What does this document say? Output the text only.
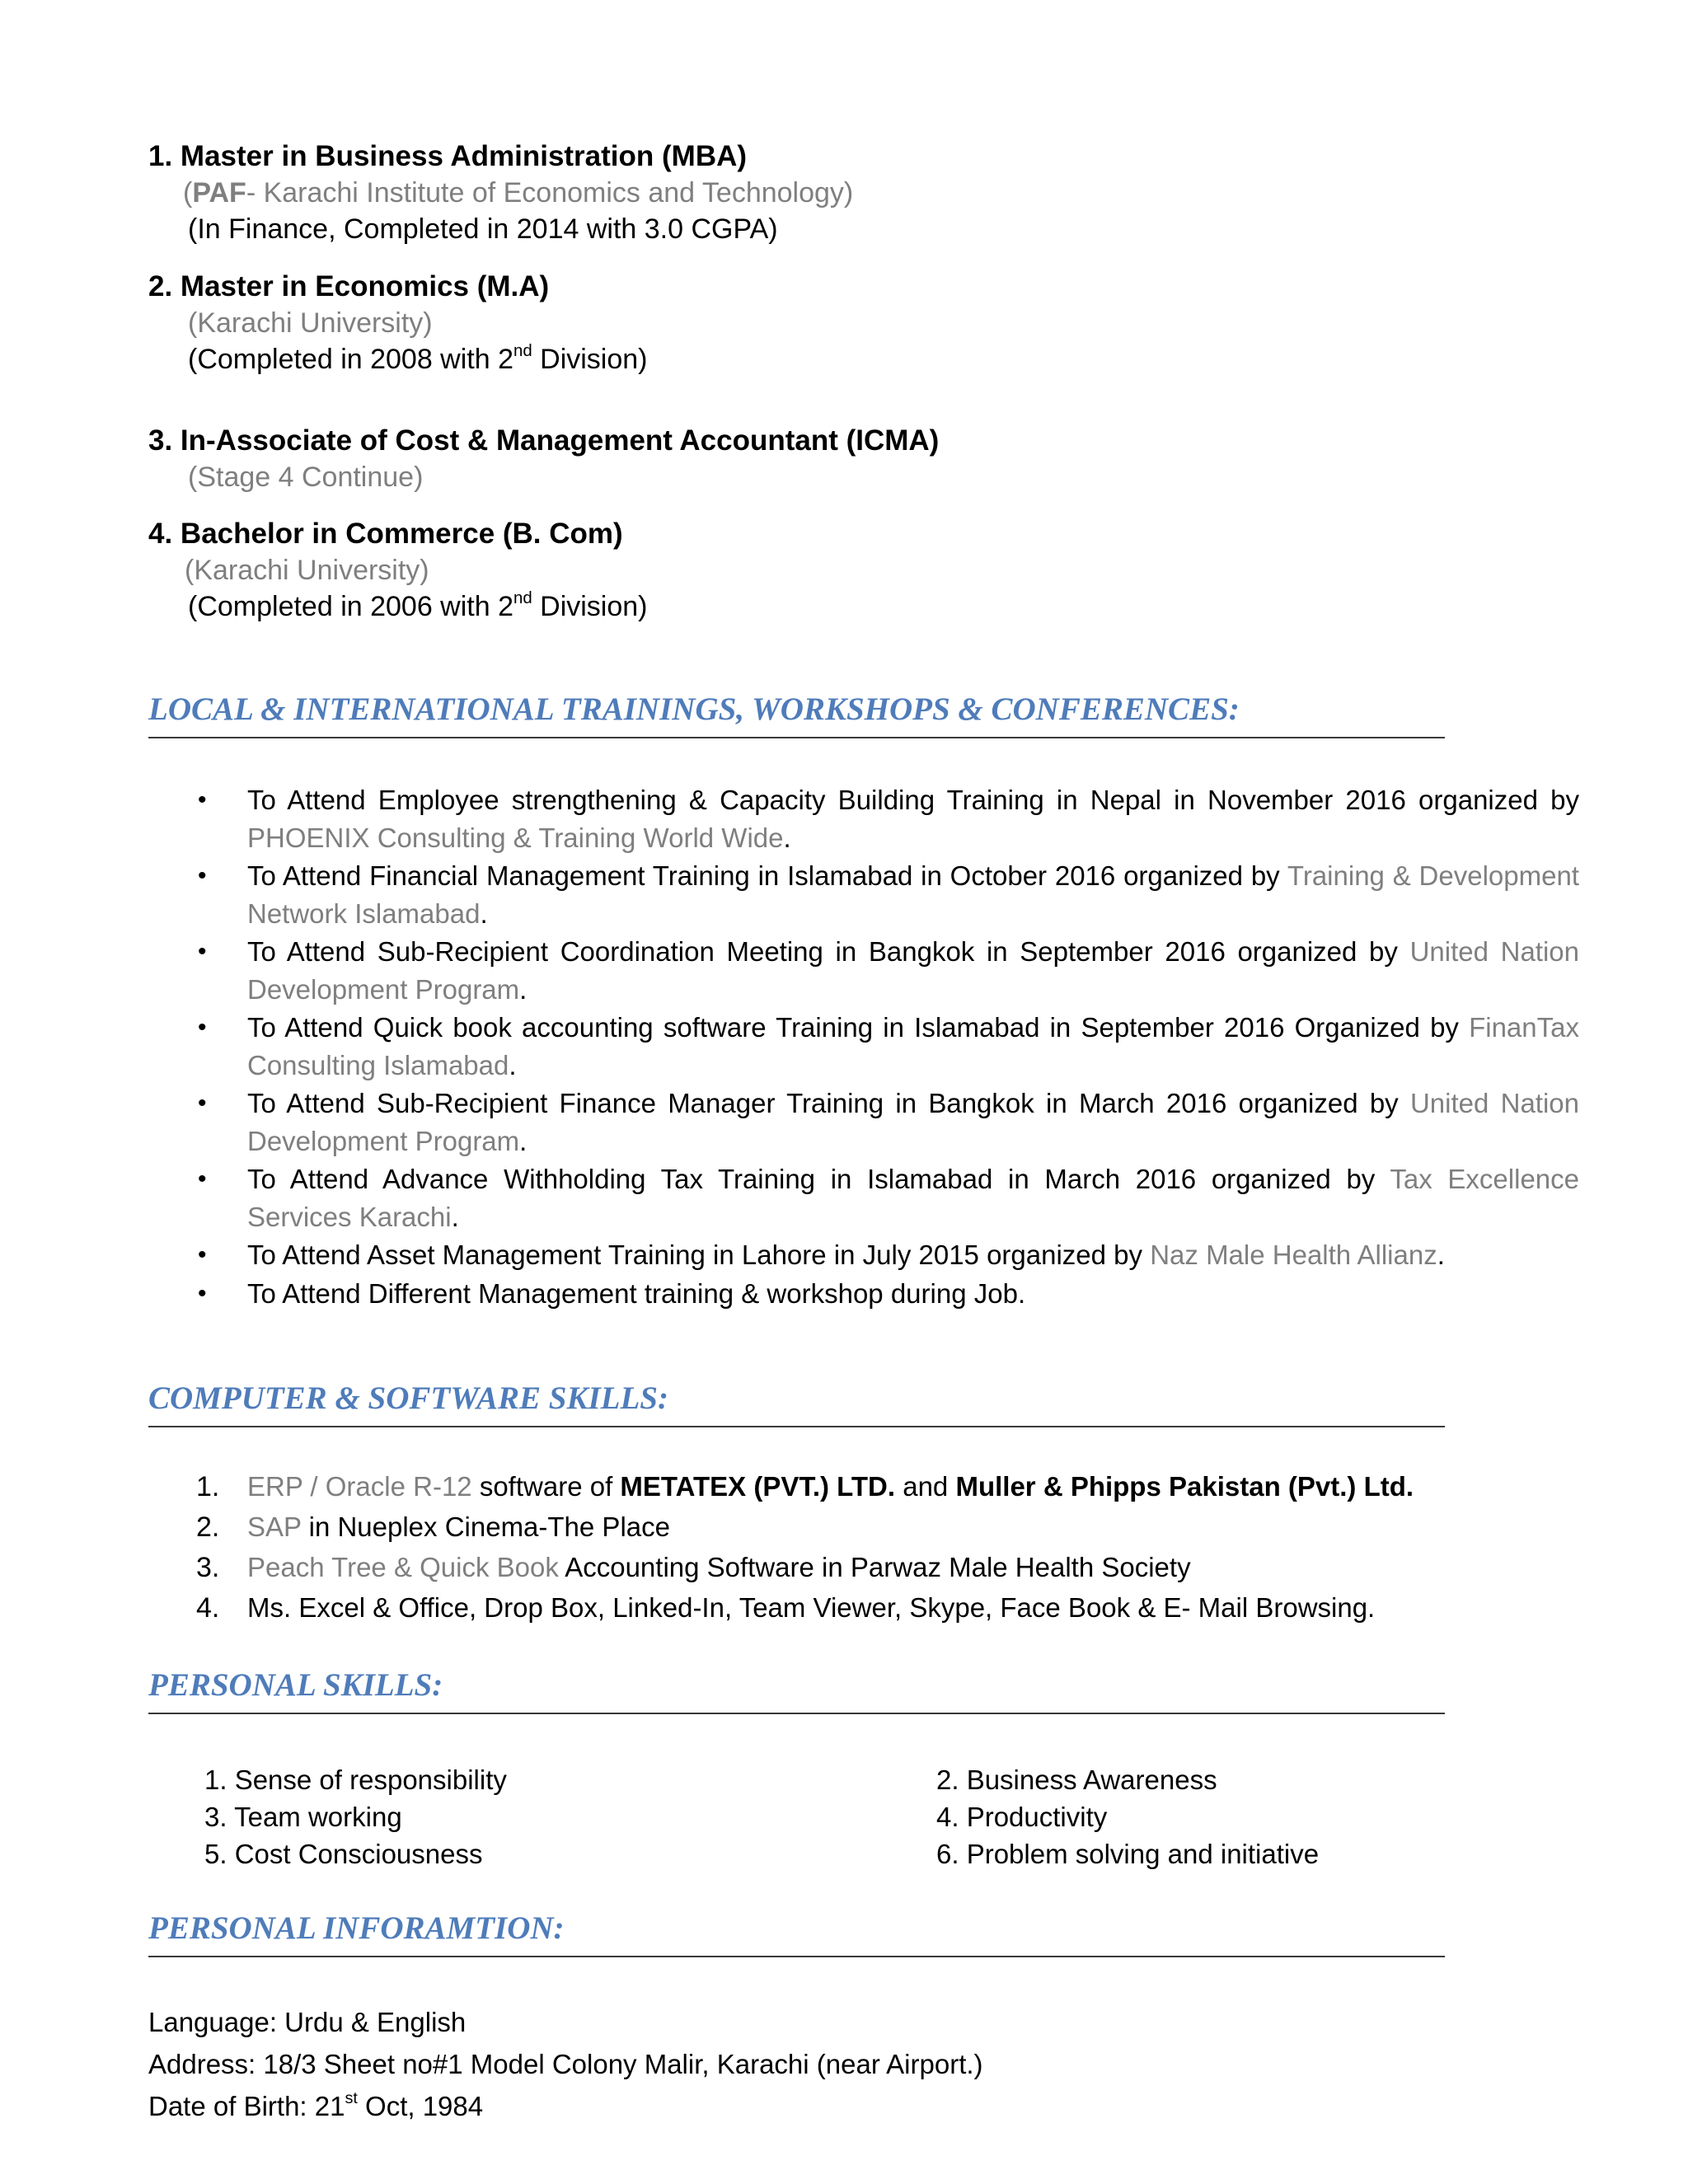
1. Master in Business Administration (MBA)
(PAF- Karachi Institute of Economics and Technology)
(In Finance, Completed in 2014 with 3.0 CGPA)
2. Master in Economics (M.A)
(Karachi University)
(Completed in 2008 with 2nd Division)
3. In-Associate of Cost & Management Accountant (ICMA)
(Stage 4 Continue)
4. Bachelor in Commerce (B. Com)
(Karachi University)
(Completed in 2006 with 2nd Division)
LOCAL & INTERNATIONAL TRAININGS, WORKSHOPS & CONFERENCES:
• To Attend Employee strengthening & Capacity Building Training in Nepal in November 2016 organized by PHOENIX Consulting & Training World Wide.
• To Attend Financial Management Training in Islamabad in October 2016 organized by Training & Development Network Islamabad.
• To Attend Sub-Recipient Coordination Meeting in Bangkok in September 2016 organized by United Nation Development Program.
• To Attend Quick book accounting software Training in Islamabad in September 2016 Organized by FinanTax Consulting Islamabad.
• To Attend Sub-Recipient Finance Manager Training in Bangkok in March 2016 organized by United Nation Development Program.
• To Attend Advance Withholding Tax Training in Islamabad in March 2016 organized by Tax Excellence Services Karachi.
• To Attend Asset Management Training in Lahore in July 2015 organized by Naz Male Health Allianz.
• To Attend Different Management training & workshop during Job.
COMPUTER & SOFTWARE SKILLS:
1. ERP / Oracle R-12 software of METATEX (PVT.) LTD. and Muller & Phipps Pakistan (Pvt.) Ltd.
2. SAP in Nueplex Cinema-The Place
3. Peach Tree & Quick Book Accounting Software in Parwaz Male Health Society
4. Ms. Excel & Office, Drop Box, Linked-In, Team Viewer, Skype, Face Book & E- Mail Browsing.
PERSONAL SKILLS:
1. Sense of responsibility
3. Team working
5. Cost Consciousness
2. Business Awareness
4. Productivity
6. Problem solving and initiative
PERSONAL INFORAMTION:
Language: Urdu & English
Address: 18/3 Sheet no#1 Model Colony Malir, Karachi (near Airport.)
Date of Birth: 21st Oct, 1984
